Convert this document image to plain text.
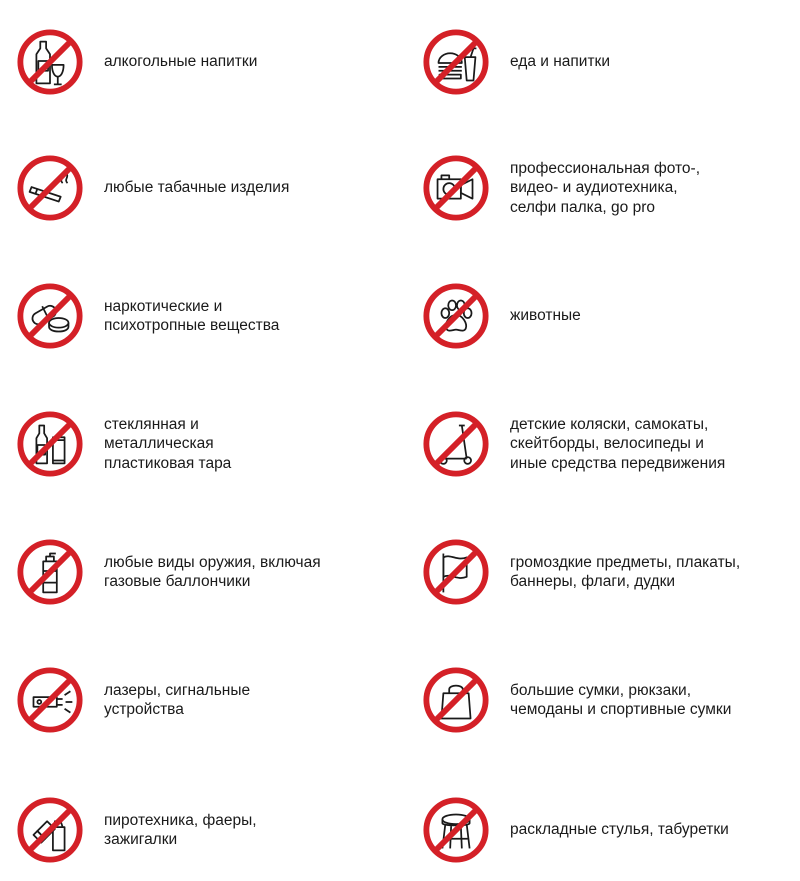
алкогольные напитки	еда и напитки
любые табачные изделия
профессиональная фото-,
видео- и аудиотехника,
селфи палка, go pro
наркотические и
психотропные вещества
животные
стеклянная и
металлическая
пластиковая тара
детские коляски, самокаты,
скейтборды, велосипеды и
иные средства передвижения
любые виды оружия, включая
газовые баллончики
громоздкие предметы, плакаты,
баннеры, флаги, дудки
лазеры, сигнальные
устройства
большие сумки, рюкзаки,
чемоданы и спортивные сумки
пиротехника, фаеры,
зажигалки
раскладные стулья, табуретки
